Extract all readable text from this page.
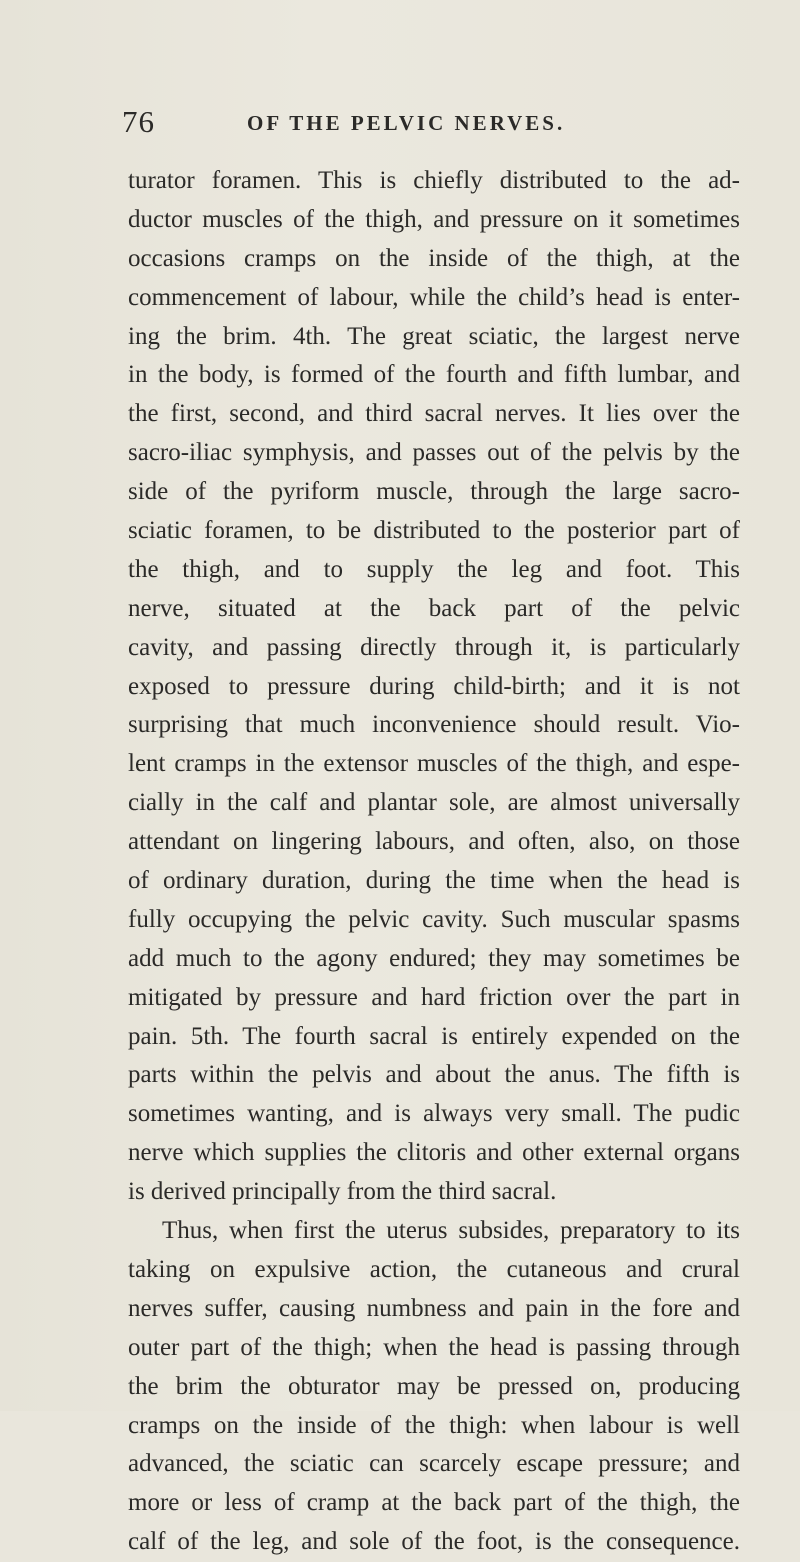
76	OF THE PELVIC NERVES.
turator foramen. This is chiefly distributed to the ad-
ductor muscles of the thigh, and pressure on it sometimes
occasions cramps on the inside of the thigh, at the
commencement of labour, while the child’s head is enter-
ing the brim. 4th. The great sciatic, the largest nerve
in the body, is formed of the fourth and fifth lumbar, and
the first, second, and third sacral nerves. It lies over the
sacro-iliac symphysis, and passes out of the pelvis by the
side of the pyriform muscle, through the large sacro-
sciatic foramen, to be distributed to the posterior part of
the thigh, and to supply the leg and foot. This
nerve, situated at the back part of the pelvic
cavity, and passing directly through it, is particularly
exposed to pressure during child-birth; and it is not
surprising that much inconvenience should result. Vio-
lent cramps in the extensor muscles of the thigh, and espe-
cially in the calf and plantar sole, are almost universally
attendant on lingering labours, and often, also, on those
of ordinary duration, during the time when the head is
fully occupying the pelvic cavity. Such muscular spasms
add much to the agony endured; they may sometimes be
mitigated by pressure and hard friction over the part in
pain. 5th. The fourth sacral is entirely expended on the
parts within the pelvis and about the anus. The fifth is
sometimes wanting, and is always very small. The pudic
nerve which supplies the clitoris and other external organs
is derived principally from the third sacral.
Thus, when first the uterus subsides, preparatory to its
taking on expulsive action, the cutaneous and crural
nerves suffer, causing numbness and pain in the fore and
outer part of the thigh; when the head is passing through
the brim the obturator may be pressed on, producing
cramps on the inside of the thigh: when labour is well
advanced, the sciatic can scarcely escape pressure; and
more or less of cramp at the back part of the thigh, the
calf of the leg, and sole of the foot, is the consequence.
